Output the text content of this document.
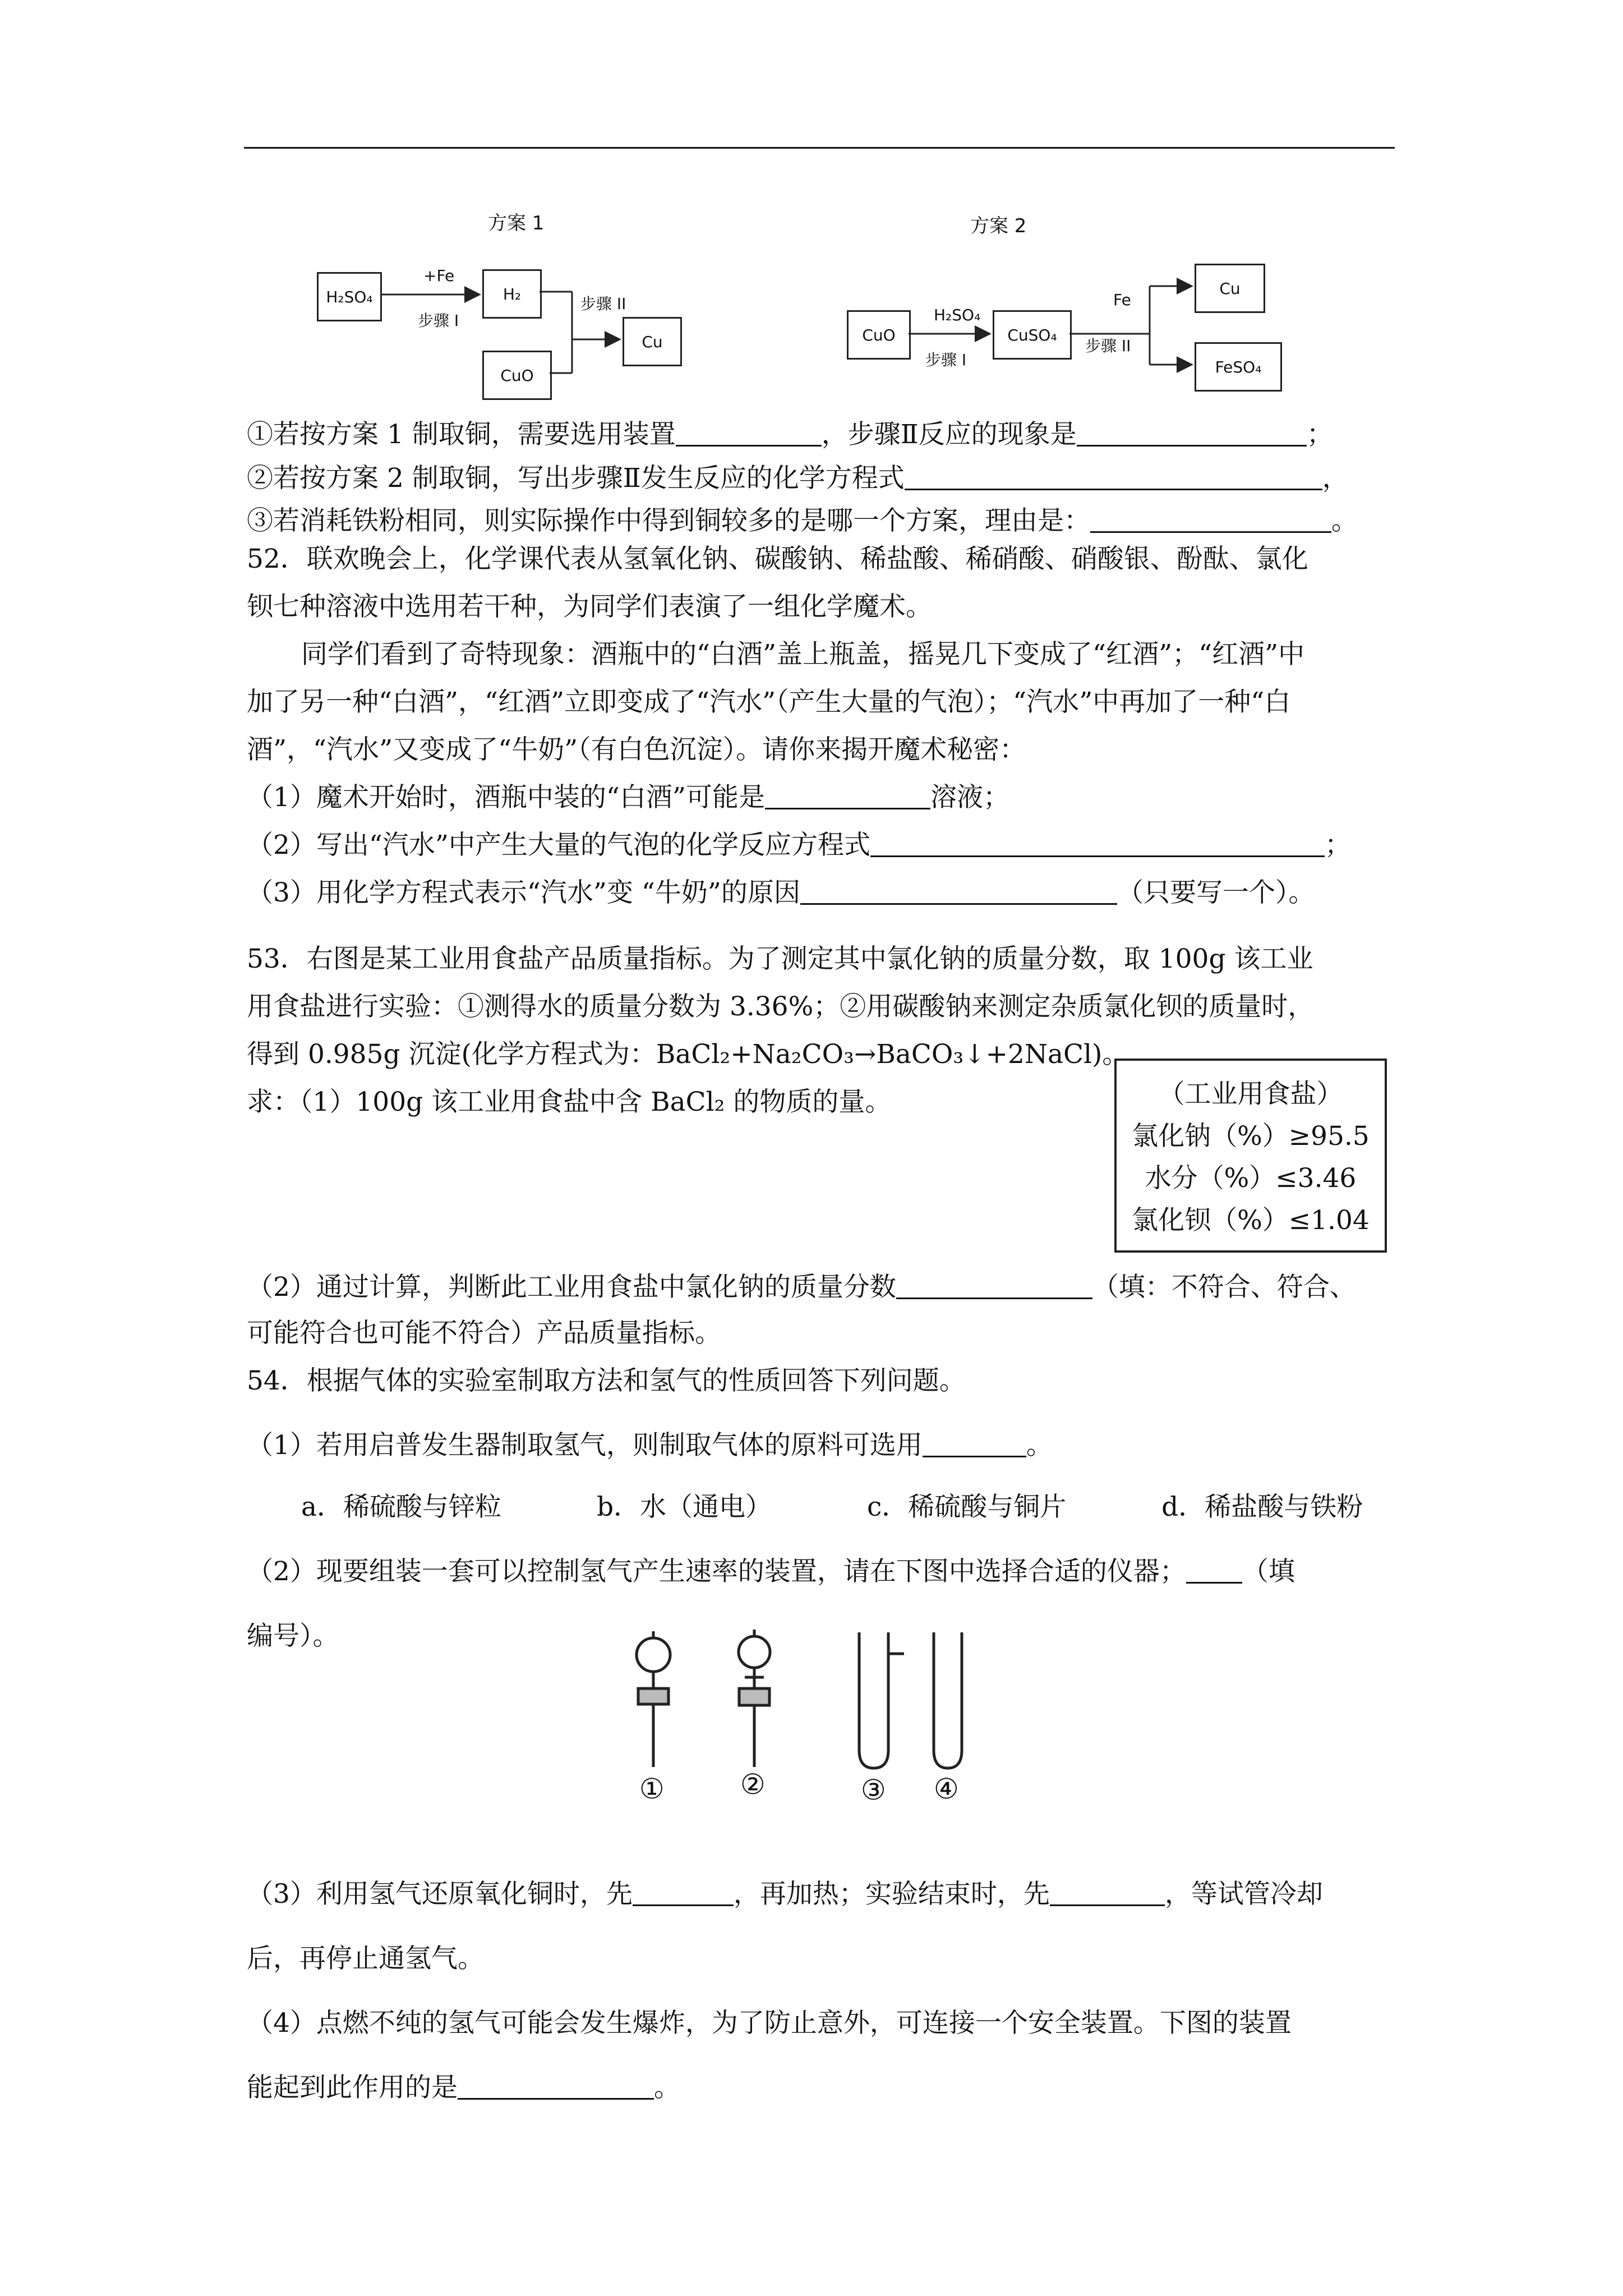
方案 1
H₂SO₄
+Fe
步骤 I
H₂
步骤 II
CuO
Cu
方案 2
CuO
H₂SO₄
步骤 I
CuSO₄
Fe
步骤 II
Cu
FeSO₄
①若按方案 1 制取铜，需要选用装置	，步骤Ⅱ反应的现象是	；
②若按方案 2 制取铜，写出步骤Ⅱ发生反应的化学方程式	，
③若消耗铁粉相同，则实际操作中得到铜较多的是哪一个方案，理由是：	。
52．联欢晚会上，化学课代表从氢氧化钠、碳酸钠、稀盐酸、稀硝酸、硝酸银、酚酞、氯化
钡七种溶液中选用若干种，为同学们表演了一组化学魔术。
同学们看到了奇特现象：酒瓶中的“白酒”盖上瓶盖，摇晃几下变成了“红酒”；“红酒”中
加了另一种“白酒”，“红酒”立即变成了“汽水”（产生大量的气泡）；“汽水”中再加了一种“白
酒”，“汽水”又变成了“牛奶”（有白色沉淀）。请你来揭开魔术秘密：
（1）魔术开始时，酒瓶中装的“白酒”可能是	溶液；
（2）写出“汽水”中产生大量的气泡的化学反应方程式	；
（3）用化学方程式表示“汽水”变 “牛奶”的原因	（只要写一个）。
53．右图是某工业用食盐产品质量指标。为了测定其中氯化钠的质量分数，取 100g 该工业
用食盐进行实验：①测得水的质量分数为 3.36%；②用碳酸钠来测定杂质氯化钡的质量时，
得到 0.985g 沉淀(化学方程式为：BaCl₂+Na₂CO₃→BaCO₃↓+2NaCl)。
求：（1）100g 该工业用食盐中含 BaCl₂ 的物质的量。	（工业用食盐）
氯化钠（%）≥95.5
水分（%）≤3.46
氯化钡（%）≤1.04
（2）通过计算，判断此工业用食盐中氯化钠的质量分数	（填：不符合、符合、
可能符合也可能不符合）产品质量指标。
54．根据气体的实验室制取方法和氢气的性质回答下列问题。
（1）若用启普发生器制取氢气，则制取气体的原料可选用	。
a．稀硫酸与锌粒	b．水（通电）	c．稀硫酸与铜片	d．稀盐酸与铁粉
（2）现要组装一套可以控制氢气产生速率的装置，请在下图中选择合适的仪器； （填
编号）。
①	②	③ ④
（3）利用氢气还原氧化铜时，先	，再加热；实验结束时，先	，等试管冷却
后，再停止通氢气。
（4）点燃不纯的氢气可能会发生爆炸，为了防止意外，可连接一个安全装置。下图的装置
能起到此作用的是	。
